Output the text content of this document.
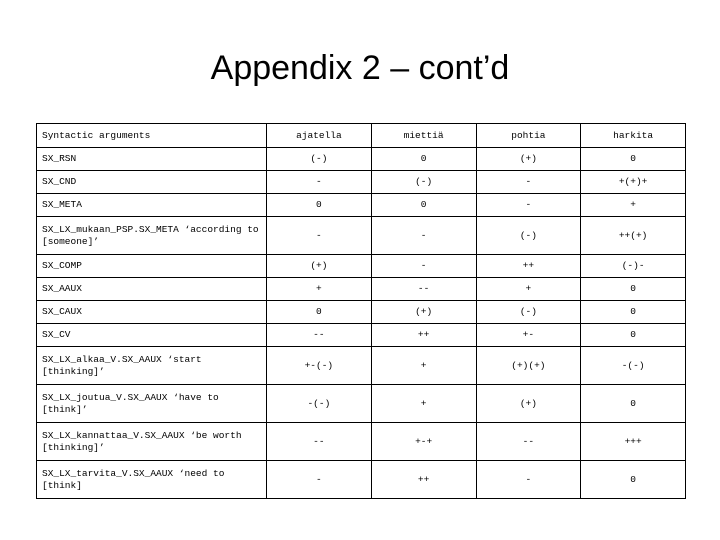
Appendix 2 – cont’d
Syntactic arguments	ajatella	miettiä	pohtia	harkita
SX_RSN	(-)	0	(+)	0
SX_CND	-	(-)	-	+(+)+
SX_META	0	0	-	+
SX_LX_mukaan_PSP.SX_META ‘according to [someone]’	-	-	(-)	++(+)
SX_COMP	(+)	-	++	(-)-
SX_AAUX	+	--	+	0
SX_CAUX	0	(+)	(-)	0
SX_CV	--	++	+-	0
SX_LX_alkaa_V.SX_AAUX ‘start [thinking]’	+-(-)	+	(+)(+)	-(-)
SX_LX_joutua_V.SX_AAUX ‘have to [think]’	-(-)	+	(+)	0
SX_LX_kannattaa_V.SX_AAUX ‘be worth [thinking]’	--	+-+	--	+++
SX_LX_tarvita_V.SX_AAUX ‘need to [think]	-	++	-	0
